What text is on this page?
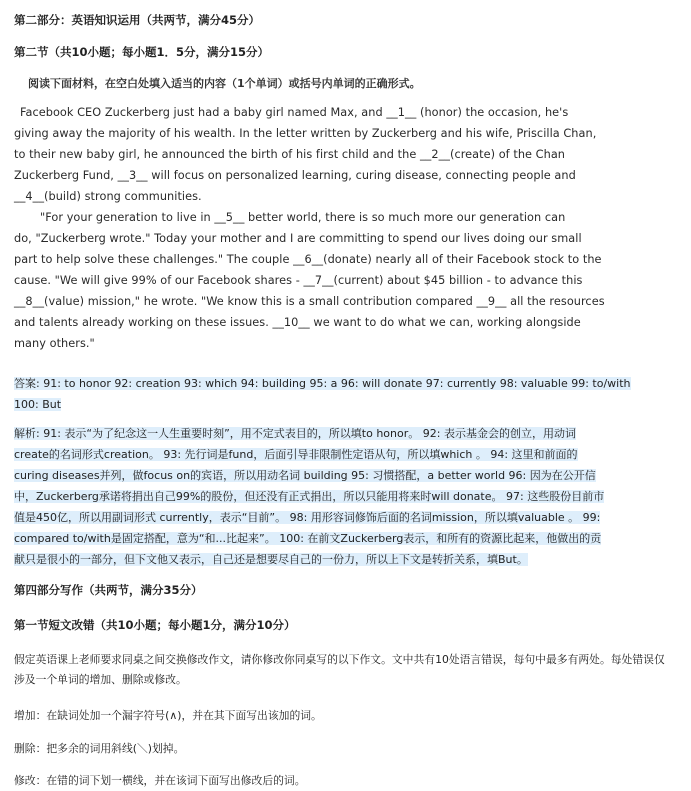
第二部分：英语知识运用（共两节，满分45分）
第二节（共10小题；每小题1．5分，满分15分）
阅读下面材料，在空白处填入适当的内容（1个单词）或括号内单词的正确形式。
Facebook CEO Zuckerberg just had a baby girl named Max, and __1__ (honor) the occasion, he's
giving away the majority of his wealth. In the letter written by Zuckerberg and his wife, Priscilla Chan,
to their new baby girl, he announced the birth of his first child and the __2__(create) of the Chan
Zuckerberg Fund, __3__ will focus on personalized learning, curing disease, connecting people and
__4__(build) strong communities.
"For your generation to live in __5__ better world, there is so much more our generation can
do, "Zuckerberg wrote." Today your mother and I are committing to spend our lives doing our small
part to help solve these challenges." The couple __6__(donate) nearly all of their Facebook stock to the
cause. "We will give 99% of our Facebook shares - __7__(current) about $45 billion - to advance this
__8__(value) mission," he wrote. "We know this is a small contribution compared __9__ all the resources
and talents already working on these issues. __10__ we want to do what we can, working alongside
many others."
答案: 91: to honor 92: creation 93: which 94: building 95: a 96: will donate 97: currently 98: valuable 99: to/with
100: But
解析: 91: 表示“为了纪念这一人生重要时刻”，用不定式表目的，所以填to honor。 92: 表示基金会的创立，用动词
create的名词形式creation。 93: 先行词是fund，后面引导非限制性定语从句，所以填which 。 94: 这里和前面的
curing diseases并列，做focus on的宾语，所以用动名词 building 95: 习惯搭配，a better world 96: 因为在公开信
中，Zuckerberg承诺将捐出自己99%的股份，但还没有正式捐出，所以只能用将来时will donate。 97: 这些股份目前市
值是450亿，所以用副词形式 currently，表示“目前”。 98: 用形容词修饰后面的名词mission，所以填valuable 。 99:
compared to/with是固定搭配，意为“和...比起来”。 100: 在前文Zuckerberg表示，和所有的资源比起来，他做出的贡
献只是很小的一部分，但下文他又表示，自己还是想要尽自己的一份力，所以上下文是转折关系，填But。
第四部分写作（共两节，满分35分）
第一节短文改错（共10小题；每小题1分，满分10分）
假定英语课上老师要求同桌之间交换修改作文，请你修改你同桌写的以下作文。文中共有10处语言错误，每句中最多有两处。每处错误仅
涉及一个单词的增加、删除或修改。
增加：在缺词处加一个漏字符号(∧)，并在其下面写出该加的词。
删除：把多余的词用斜线(＼)划掉。
修改：在错的词下划一横线，并在该词下面写出修改后的词。
